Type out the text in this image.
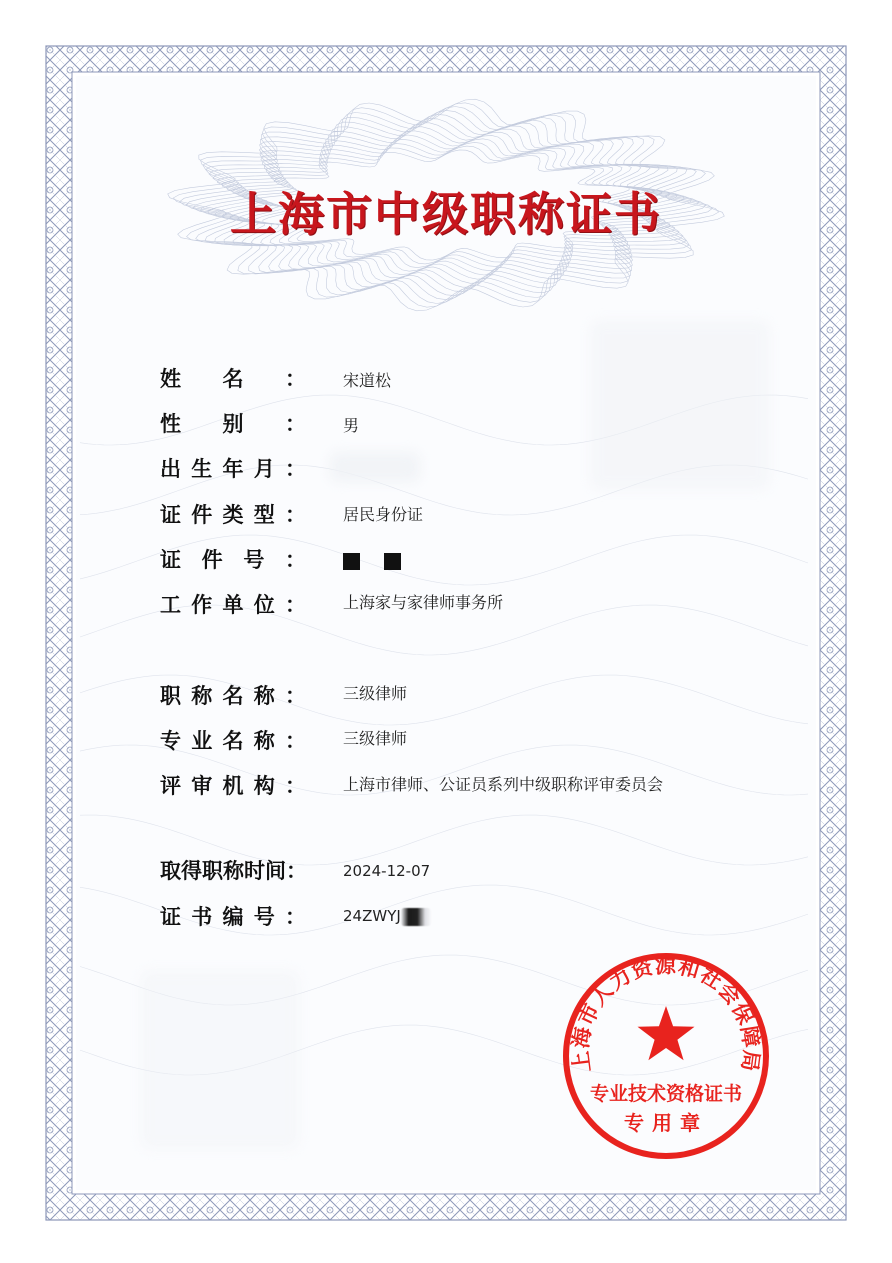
上海市中级职称证书
姓名： 宋道松
性别： 男
出生年月：
证件类型： 居民身份证
证件号：
工作单位： 上海家与家律师事务所
职称名称： 三级律师
专业名称： 三级律师
评审机构： 上海市律师、公证员系列中级职称评审委员会
取得职称时间：	2024-12-07
证书编号： 24ZWYJ
上海市人力资源和社会保障局
专业技术资格证书
专用章
